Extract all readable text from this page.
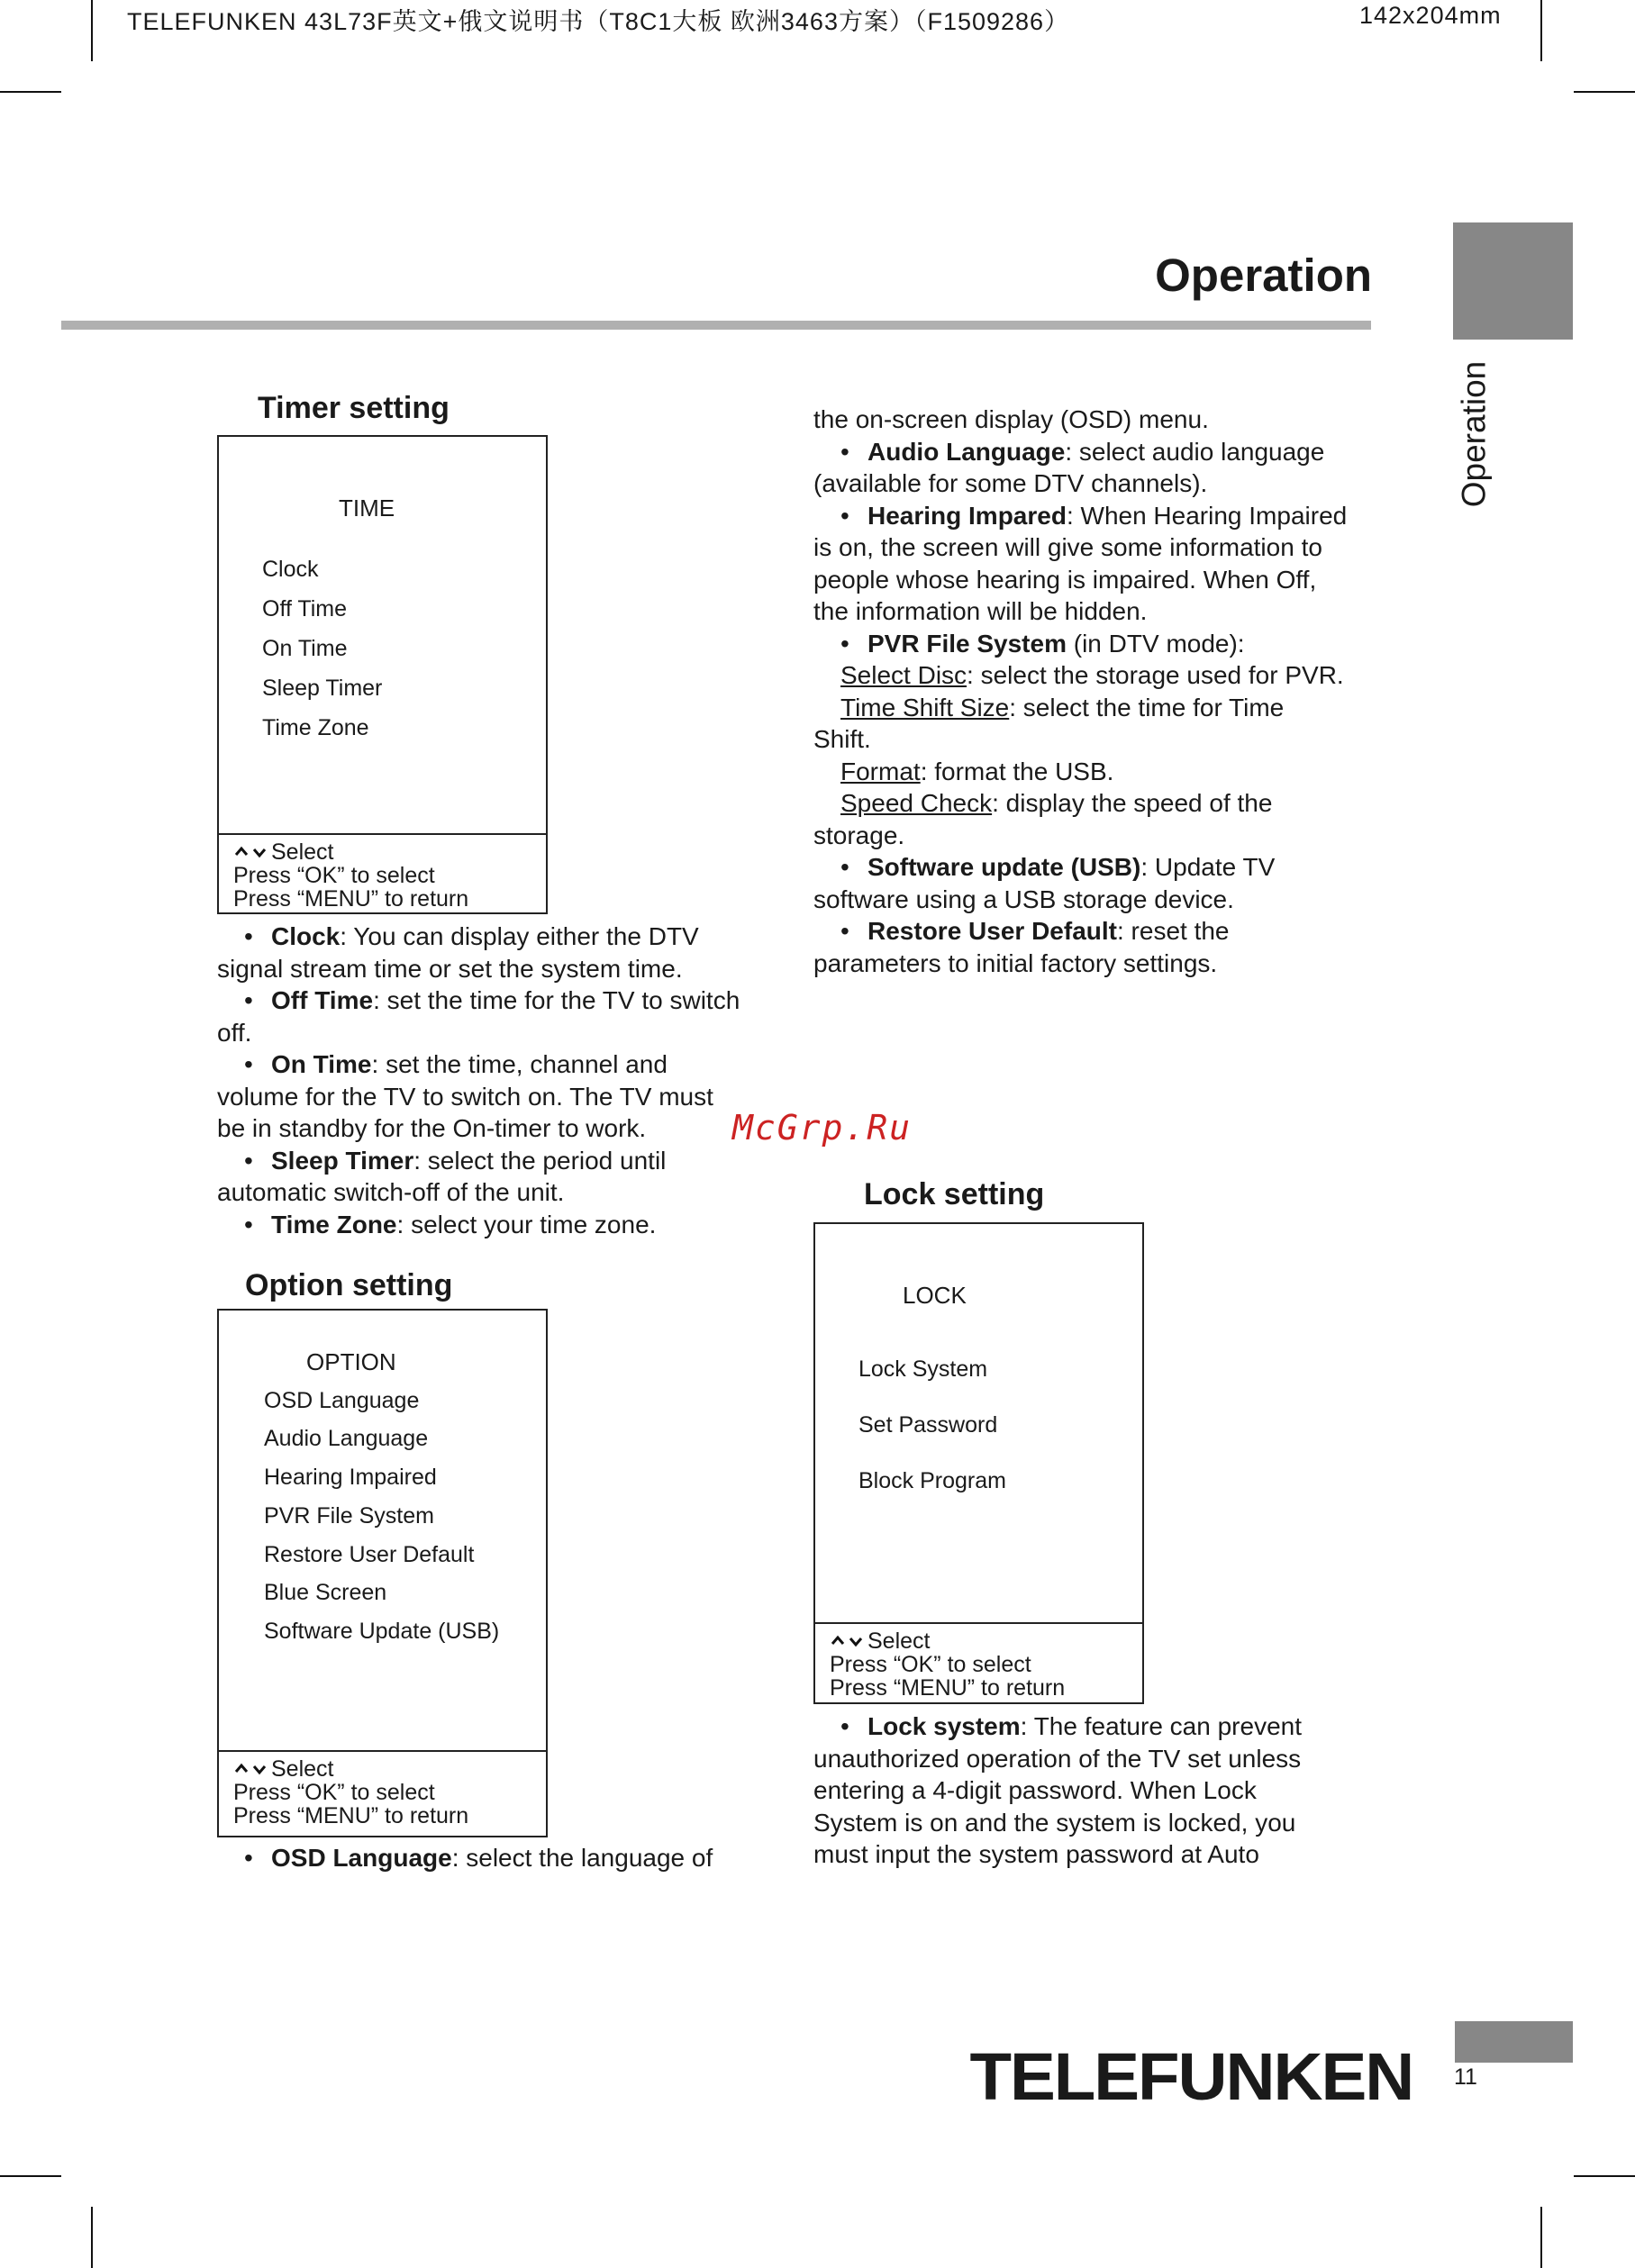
TELEFUNKEN 43L73F英文+俄文说明书（T8C1大板 欧洲3463方案）（F1509286）	142x204mm
Operation
Operation
Timer setting
TIME
Clock
Off Time
On Time
Sleep Timer
Time Zone
Select
Press “OK” to select
Press “MENU” to return

• Clock: You can display either the DTV

signal stream time or set the system time.

• Off Time: set the time for the TV to switch

off.

• On Time: set the time, channel and

volume for the TV to switch on. The TV must

be in standby for the On-timer to work.

• Sleep Timer: select the period until

automatic switch-off of the unit.

• Time Zone: select your time zone.

Option setting
OPTION
OSD Language
Audio Language
Hearing Impaired
PVR File System
Restore User Default
Blue Screen
Software Update (USB)
Select
Press “OK” to select
Press “MENU” to return

• OSD Language: select the language of

the on-screen display (OSD) menu.

• Audio Language: select audio language

(available for some DTV channels).

• Hearing Impared: When Hearing Impaired

is on, the screen will give some information to

people whose hearing is impaired. When Off,

the information will be hidden.

• PVR File System (in DTV mode):

Select Disc: select the storage used for PVR.

Time Shift Size: select the time for Time

Shift.

Format: format the USB.

Speed Check: display the speed of the

storage.

• Software update (USB): Update TV

software using a USB storage device.

• Restore User Default: reset the

parameters to initial factory settings.

McGrp.Ru
Lock setting
LOCK
Lock System
Set Password
Block Program
Select
Press “OK” to select
Press “MENU” to return

• Lock system: The feature can prevent

unauthorized operation of the TV set unless

entering a 4-digit password. When Lock

System is on and the system is locked, you

must input the system password at Auto

TELEFUNKEN 11
